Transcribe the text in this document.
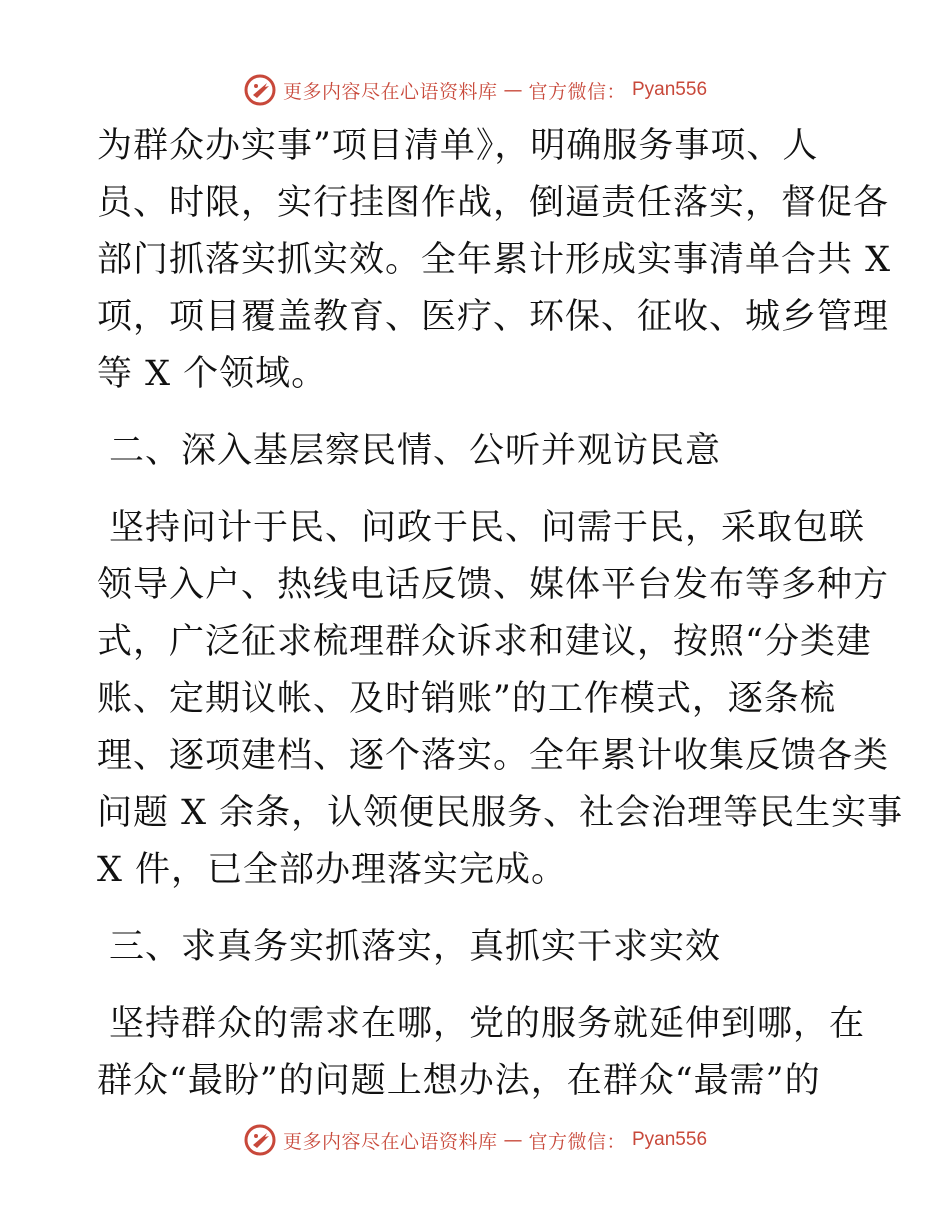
更多内容尽在心语资料库 — 官方微信： Pyan556
为群众办实事”项目清单》，明确服务事项、人
员、时限，实行挂图作战，倒逼责任落实，督促各
部门抓落实抓实效。全年累计形成实事清单合共 X
项，项目覆盖教育、医疗、环保、征收、城乡管理
等 X 个领域。
二、深入基层察民情、公听并观访民意
坚持问计于民、问政于民、问需于民，采取包联
领导入户、热线电话反馈、媒体平台发布等多种方
式，广泛征求梳理群众诉求和建议，按照“分类建
账、定期议帐、及时销账”的工作模式，逐条梳
理、逐项建档、逐个落实。全年累计收集反馈各类
问题 X 余条，认领便民服务、社会治理等民生实事
X 件，已全部办理落实完成。
三、求真务实抓落实，真抓实干求实效
坚持群众的需求在哪，党的服务就延伸到哪，在
群众“最盼”的问题上想办法，在群众“最需”的
更多内容尽在心语资料库 — 官方微信： Pyan556
